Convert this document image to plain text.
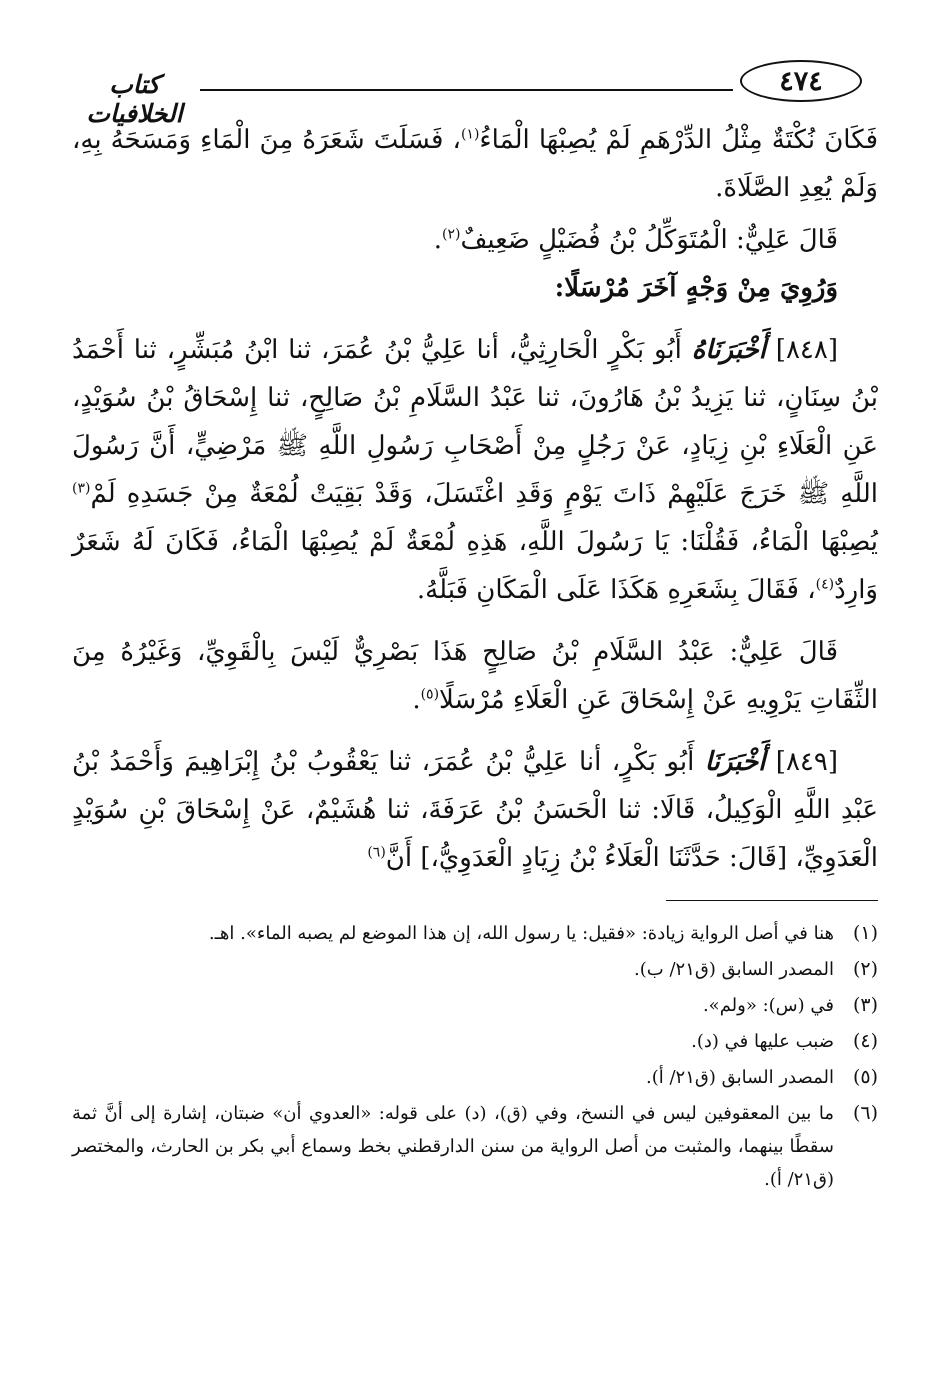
٤٧٤
كتاب الخلافيات

فَكَانَ نُكْتَةٌ مِثْلُ الدِّرْهَمِ لَمْ يُصِبْهَا الْمَاءُ$^{(١)}$، فَسَلَتَ شَعَرَهُ مِنَ الْمَاءِ وَمَسَحَهُ بِهِ، وَلَمْ يُعِدِ الصَّلَاةَ.

قَالَ عَلِيٌّ: الْمُتَوَكِّلُ بْنُ فُضَيْلٍ ضَعِيفٌ$^{(٢)}$.

وَرُوِيَ مِنْ وَجْهٍ آخَرَ مُرْسَلًا:

[٨٤٨] أَخْبَرَنَاهُ أَبُو بَكْرٍ الْحَارِثِيُّ، أنا عَلِيُّ بْنُ عُمَرَ، ثنا ابْنُ مُبَشِّرٍ، ثنا أَحْمَدُ بْنُ سِنَانٍ، ثنا يَزِيدُ بْنُ هَارُونَ، ثنا عَبْدُ السَّلَامِ بْنُ صَالِحٍ، ثنا إِسْحَاقُ بْنُ سُوَيْدٍ، عَنِ الْعَلَاءِ بْنِ زِيَادٍ، عَنْ رَجُلٍ مِنْ أَصْحَابِ رَسُولِ اللَّهِ ﷺ مَرْضِيٍّ، أَنَّ رَسُولَ اللَّهِ ﷺ خَرَجَ عَلَيْهِمْ ذَاتَ يَوْمٍ وَقَدِ اغْتَسَلَ، وَقَدْ بَقِيَتْ لُمْعَةٌ مِنْ جَسَدِهِ لَمْ$^{(٣)}$ يُصِبْهَا الْمَاءُ، فَقُلْنَا: يَا رَسُولَ اللَّهِ، هَذِهِ لُمْعَةٌ لَمْ يُصِبْهَا الْمَاءُ، فَكَانَ لَهُ شَعَرٌ وَارِدٌ$^{(٤)}$، فَقَالَ بِشَعَرِهِ هَكَذَا عَلَى الْمَكَانِ فَبَلَّهُ.

قَالَ عَلِيٌّ: عَبْدُ السَّلَامِ بْنُ صَالِحٍ هَذَا بَصْرِيٌّ لَيْسَ بِالْقَوِيِّ، وَغَيْرُهُ مِنَ الثِّقَاتِ يَرْوِيهِ عَنْ إِسْحَاقَ عَنِ الْعَلَاءِ مُرْسَلًا$^{(٥)}$.

[٨٤٩] أَخْبَرَنَا أَبُو بَكْرٍ، أنا عَلِيُّ بْنُ عُمَرَ، ثنا يَعْقُوبُ بْنُ إِبْرَاهِيمَ وَأَحْمَدُ بْنُ عَبْدِ اللَّهِ الْوَكِيلُ، قَالَا: ثنا الْحَسَنُ بْنُ عَرَفَةَ، ثنا هُشَيْمٌ، عَنْ إِسْحَاقَ بْنِ سُوَيْدٍ الْعَدَوِيِّ، [قَالَ: حَدَّثَنَا الْعَلَاءُ بْنُ زِيَادٍ الْعَدَوِيُّ،] أَنَّ$^{(٦)}$

(١)
هنا في أصل الرواية زيادة: «فقيل: يا رسول الله، إن هذا الموضع لم يصبه الماء». اهـ.
(٢)
المصدر السابق (ق٢١/ ب).
(٣)
في (س): «ولم».
(٤)
ضبب عليها في (د).
(٥)
المصدر السابق (ق٢١/ أ).
(٦)
ما بين المعقوفين ليس في النسخ، وفي (ق)، (د) على قوله: «العدوي أن» ضبتان، إشارة إلى أنَّ ثمة سقطًا بينهما، والمثبت من أصل الرواية من سنن الدارقطني بخط وسماع أبي بكر بن الحارث، والمختصر (ق٢١/ أ).
